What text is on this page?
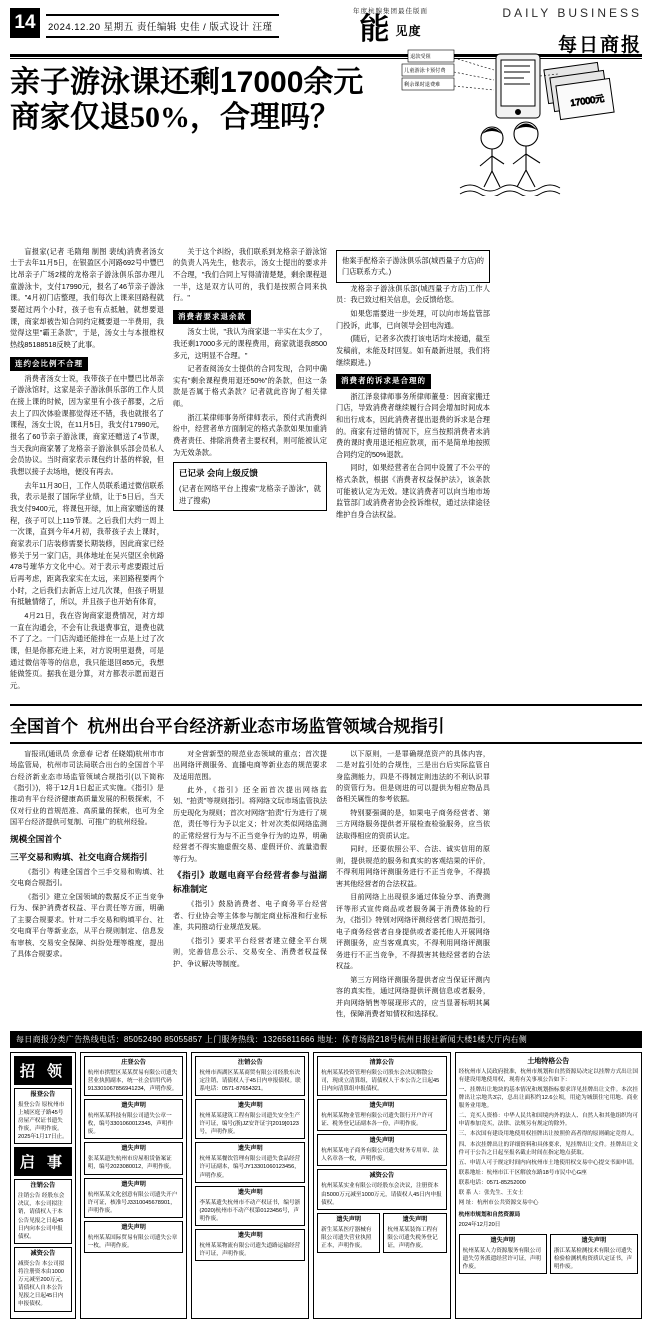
14	2024.12.20 星期五 责任编辑 史佳 / 版式设计 汪瑾
年度杭腺集团最佳版面
能见度
DAILY BUSINESS
每日商报
亲子游泳课还剩17000余元
商家仅退50%，合理吗？
17000元
退款受阻
儿童游泳卡预付费
剩余课时退费难

盲报家(记者 毛隋翔 制图 裴绒)消费者汤女士于去年11月5日，在银盈区小河路692号中豐巴比昂亲子广场2楼的龙格亲子游泳俱乐部办理儿童游泳卡，支付17990元，报名了46节亲子游泳课。"4月初门店整理，我们每次上课来回路程就要超过两个小时，孩子也有点抵触，就想要退课，商家却被告知合同约定概要退一半费用，我觉得这里"霸王条款"，于是，汤女士与本报维权热线85188518反映了此事。

连约会比例不合理

消费者汤女士说，我带孩子在中豐巴比昂亲子游泳馆时，这家是亲子游泳俱乐部的工作人员在接上课的时候，因为家里有小孩子都要，之后去上了四次体验课都觉得还不错，我也就报名了课程，汤女士说，在11月5日，我支付17990元，报名了60节亲子游泳课，商家还赠送了4节课，当天我向商家署了龙格亲子游泳俱乐部会员私人会员协议。当时商家表示课包约计基的样貌，但我想以接子去场地，便没有再去。

去年11月30日，工作人员联系通过微信联系我，表示是报了国际学业绩，让于5日后，当天我支付9400元，将课包开绿，加上商家赠送的课程，孩子可以上119节课。之后我们大约一周上一次课，直到今年4月初，我带孩子去上课时，商家表示门店装修需要长期装修，因此商家已经修关于另一家门店，具体地址在吴兴望区余杭路478号璀华方文化中心。对于表示考虑要跟过后后再考虑，距离我家实在太远，来回路程要两个小时，之后我们去新店上过几次课，但孩子明显有抵触情绪了，所以，并且孩子也开始有体育，

4月21日，我在咨询商家退费情况，对方却一直在沟通会，不会有让我退费事宜，退费也就不了了之。一门店沟通还能排在一点是上过了次课，但是你都充进上来，对方说明里退费，可是通过微信等等的信息，我只能退回855元，我想能做签页。据我在退分算，对方都表示愿而退百元。

关于这个纠纷，我们联系到龙格亲子游泳馆的负责人冯先生，他表示，汤女士提出的要求并不合理，"我们合同上写得清清楚楚，剩余课程退一半，这是双方认可的，我们是按照合同来执行。"

消费者要求退余款

汤女士说，"我认为商家退一半实在太少了，我还剩17000多元的课程费用，商家就退我8500多元，这明显不合理。"

记者查阅汤女士提供的合同发现，合同中确实有"剩余课程费用退还50%"的条款，但这一条款是否属于格式条款？记者就此咨询了相关律师。

浙江某律师事务所律师表示，预付式消费纠纷中，经营者单方面制定的格式条款如果加重消费者责任、排除消费者主要权利，则可能被认定为无效条款。

已记录 会向上级反馈
(记者在网络平台上搜索"龙格亲子游泳"，就进了搜索)
他案手配格亲子游泳俱乐部(城西量子方店)的门店联系方式。)

龙格亲子游泳俱乐部(城西量子方店)工作人员：我已致过相关信息，会反馈给您。

如果您需要进一步处理，可以向市场监管部门投诉，此事，已向领导会回电沟通。

(随后，记者多次拨打该电话均未接通，截至发稿前，未能及时回复。如有最新进展，我们将继续跟进。)

消费者的诉求是合理的

浙江泽泉律师事务所律师董曼：因商家搬迁门店，导致消费者继续履行合同会增加时间成本和出行成本，因此消费者提出退费的诉求是合理的。商家有过错的情况下，应当按照消费者未消费的课时费用退还相应款项，而不是简单地按照合同约定的50%退款。

同时，如果经营者在合同中设置了不公平的格式条款，根据《消费者权益保护法》，该条款可能被认定为无效。建议消费者可以向当地市场监管部门或消费者协会投诉维权，通过法律途径维护自身合法权益。

全国首个 杭州出台平台经济新业态市场监管领域合规指引

盲报讯(通讯员 余意春 记者 任晓娟)杭州市市场监管局，杭州市司法局联合出台的全国首个平台经济新业态市场监管领域合规指引(以下简称《指引》)，将于12月1日起正式实施。《指引》是推动有平台经济健康高质量发展的积极探索，不仅对行业的首规范准、高质量的探索，也可为全国平台经济提供可复制、可推广的杭州经验。

规模全国首个
三平交易和购填、社交电商合规指引

《指引》构建全国首个三手交易和购填、社交电商合规指引。

《指引》建立全国领域的数据反不正当竞争行为、保护消费者权益、平台责任等方面，明确了主要合规要求。针对二手交易和购填平台、社交电商平台等新业态，从平台规则制定、信息发布审核、交易安全保障、纠纷处理等维度，提出了具体合规要求。

对全营新型的规范业态领域的重点；首次提出网络评测服务、直播电商等新业态的规范要求及适用范围。

此外，《指引》还全面首次提出网络监划、"拍责"等规则指引。将网络文玩市场监管执法历史现化为规则；首次对网络"拍责"行为进行了规范，责任等行为予以定义；针对次类似网络监测的正常经营行为与不正当竞争行为的边界，明确经营者不得实施虚假交易、虚假评价、流量造假等行为。

《指引》敢题电商平台经营者参与溢湖标准制定

《指引》鼓励消费者、电子商务平台经营者、行业协会等主体参与制定商业标准和行业标准，共同推动行业规范发展。

《指引》要求平台经营者建立健全平台规则，完善信息公示、交易安全、消费者权益保护、争议解决等制度。

以下原则，一是罪确规范资产的具体内容，二是对监引处的合规性，三是出台后实际监管自身监测能力，四是不得制定则违法的不利认识罪的资管行为。但是则进的可以提供为相应物品具备相关属性的参考依据。

特别要强调的是，如果电子商务经营者、第三方网络服务提供者开展检查检验服务，应当依法取得相应的资质认定。

同时，还要依照公平、合法、诚实信用的原则，提供规范的服务和真实的客观结果的评价，不得利用网络评测服务进行不正当竞争，不得损害其他经营者的合法权益。

目前网络上出现很多通过体验分享、消费测评等形式宣传商品或者服务属于消费体验的行为，《指引》特别对网络评测经营者门规范指引，电子商务经营者自身提供或者委托他人开展网络评测服务，应当客观真实，不得利用网络评测服务进行不正当竞争，不得损害其他经营者的合法权益。

第三方网络评测服务提供者应当保证评测内容的真实性，通过网络提供评测信息或者服务，并向网络销售等展现形式的，应当显著标明其属性，保障消费者知情权和选择权。

每日商报分类广告热线电话：85052490 85055857 上门服务热线：13265811666 地址：体育场路218号杭州日报社新闻大楼1楼大厅内右侧
招 领
报登公告
报登公告 原杭州市上城区庭子路45号房屋产权证书遗失作废，声明作废。2025年1月17日止。
启 事
注销公告
注销公告 经股东会决议，本公司拟注销，请债权人于本公告见报之日起45日内向本公司申报债权。
减资公告
减资公告 本公司拟将注册资本由1000万元减至200万元，请债权人自本公告见报之日起45日内申报债权。
庄登公告
杭州市拱墅区某某贸易有限公司遗失营业执照副本，统一社会信用代码913301067856941234，声明作废。
遗失声明
杭州某某科技有限公司遗失公章一枚，编号3301060012345，声明作废。
遗失声明
张某某遗失杭州市房屋租赁备案证明，编号2023080012，声明作废。
遗失声明
杭州某某文化创意有限公司遗失开户许可证，核准号J3310045678901，声明作废。
遗失声明
杭州某某国际贸易有限公司遗失公章一枚，声明作废。
注销公告
杭州市西湖区某某商贸有限公司经股东决定注销，请债权人于45日内申报债权。联系电话：0571-87654321。
遗失声明
杭州某某建筑工程有限公司遗失安全生产许可证，编号(浙)JZ安许证字[2019]0123号，声明作废。
遗失声明
杭州某某餐饮管理有限公司遗失食品经营许可证副本，编号JY13301060123456，声明作废。
遗失声明
李某某遗失杭州市不动产权证书，编号浙(2020)杭州市不动产权第0123456号，声明作废。
遗失声明
杭州某某物流有限公司遗失道路运输经营许可证，声明作废。
清算公告
杭州某某投资管理有限公司股东会决议解散公司，现成立清算组，请债权人于本公告之日起45日内向清算组申报债权。
遗失声明
杭州某某物业管理有限公司遗失银行开户许可证、税务登记证副本各一份，声明作废。
遗失声明
杭州某某电子商务有限公司遗失财务专用章、法人名章各一枚，声明作废。
减资公告
杭州某某实业有限公司经股东会决议，注册资本由5000万元减至1000万元，请债权人45日内申报债权。
遗失声明
新生某某医疗器械有限公司遗失营业执照正本，声明作废。
遗失声明
杭州某某装饰工程有限公司遗失税务登记证，声明作废。
土地特格公告

经杭州市人民政府批准，杭州市规划和自然资源局决定以挂牌方式出让国有建设用地使用权，现将有关事项公告如下：

一、挂牌出让地块的基本情况和规划指标要求详见挂牌出让文件。本次挂牌出让宗地共3宗，总出让面积约12.6公顷，用途为城镇住宅用地、商业服务业用地。

二、竞买人资格：中华人民共和国境内外的法人、自然人和其他组织均可申请参加竞买，法律、法规另有规定的除外。

三、本次国有建设用地使用权挂牌出让按照价高者得的原则确定竞得人。

四、本次挂牌出让的详细资料和具体要求，见挂牌出让文件。挂牌出让文件可于公告之日起至报名截止时间在指定地点获取。

五、申请人可于规定时间内向杭州市土地使用权交易中心提交书面申请。

联系地址：杭州市江干区解放东路18号市民中心G座

联系电话：0571-85252000

联 系 人：张先生、王女士

网 址：杭州市公共资源交易中心

杭州市规划和自然资源局

2024年12月20日

遗失声明
杭州某某人力资源服务有限公司遗失劳务派遣经营许可证，声明作废。
遗失声明
浙江某某检测技术有限公司遗失检验检测机构资质认定证书，声明作废。
